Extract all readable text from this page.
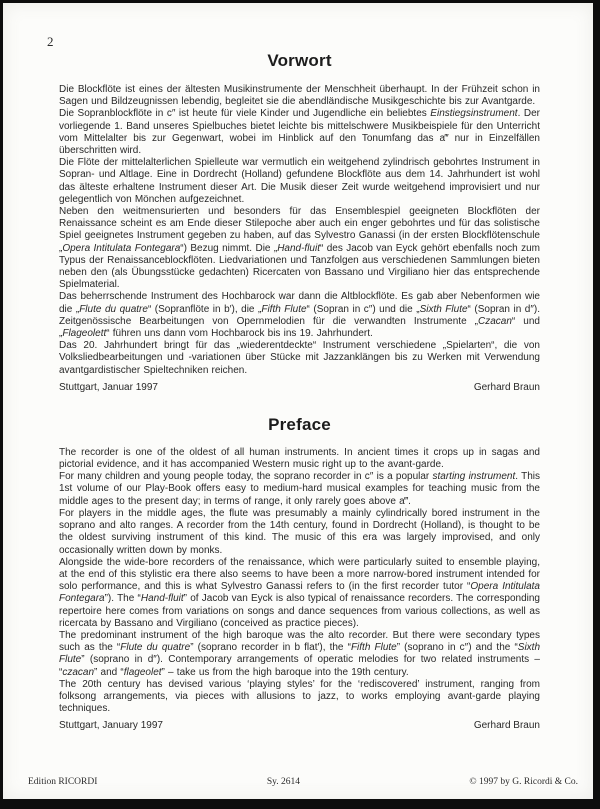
2
Vorwort

Die Blockflöte ist eines der ältesten Musikinstrumente der Menschheit überhaupt. In der Frühzeit schon in Sagen und Bildzeugnissen lebendig, begleitet sie die abendländische Musikgeschichte bis zur Avantgarde.

Die Sopranblockflöte in c″ ist heute für viele Kinder und Jugendliche ein beliebtes Einstiegsinstrument. Der vorliegende 1. Band unseres Spielbuches bietet leichte bis mittelschwere Musikbeispiele für den Unterricht vom Mittelalter bis zur Gegenwart, wobei im Hinblick auf den Tonumfang das a‴ nur in Einzelfällen überschritten wird.

Die Flöte der mittelalterlichen Spielleute war vermutlich ein weitgehend zylindrisch gebohrtes Instrument in Sopran- und Altlage. Eine in Dordrecht (Holland) gefundene Blockflöte aus dem 14. Jahrhundert ist wohl das älteste erhaltene Instrument dieser Art. Die Musik dieser Zeit wurde weitgehend improvisiert und nur gelegentlich von Mönchen aufgezeichnet.

Neben den weitmensurierten und besonders für das Ensemblespiel geeigneten Blockflöten der Renaissance scheint es am Ende dieser Stilepoche aber auch ein enger gebohrtes und für das solistische Spiel geeignetes Instrument gegeben zu haben, auf das Sylvestro Ganassi (in der ersten Blockflötenschule „Opera Intitulata Fontegara“) Bezug nimmt. Die „Hand-fluit“ des Jacob van Eyck gehört ebenfalls noch zum Typus der Renaissanceblockflöten. Liedvariationen und Tanzfolgen aus verschiedenen Sammlungen bieten neben den (als Übungsstücke gedachten) Ricercaten von Bassano und Virgiliano hier das entsprechende Spielmaterial.

Das beherrschende Instrument des Hochbarock war dann die Altblockflöte. Es gab aber Nebenformen wie die „Flute du quatre“ (Sopranflöte in b′), die „Fifth Flute“ (Sopran in c″) und die „Sixth Flute“ (Sopran in d″). Zeitgenössische Bearbeitungen von Opernmelodien für die verwandten Instrumente „Czacan“ und „Flageolett“ führen uns dann vom Hochbarock bis ins 19. Jahrhundert.

Das 20. Jahrhundert bringt für das „wiederentdeckte“ Instrument verschiedene „Spielarten“, die von Volksliedbearbeitungen und -variationen über Stücke mit Jazzanklängen bis zu Werken mit Verwendung avantgardistischer Spieltechniken reichen.

Stuttgart, Januar 1997	Gerhard Braun
Preface

The recorder is one of the oldest of all human instruments. In ancient times it crops up in sagas and pictorial evidence, and it has accompanied Western music right up to the avant-garde.

For many children and young people today, the soprano recorder in c″ is a popular starting instrument. This 1st volume of our Play-Book offers easy to medium-hard musical examples for teaching music from the middle ages to the present day; in terms of range, it only rarely goes above a‴.

For players in the middle ages, the flute was presumably a mainly cylindrically bored instrument in the soprano and alto ranges. A recorder from the 14th century, found in Dordrecht (Holland), is thought to be the oldest surviving instrument of this kind. The music of this era was largely improvised, and only occasionally written down by monks.

Alongside the wide-bore recorders of the renaissance, which were particularly suited to ensemble playing, at the end of this stylistic era there also seems to have been a more narrow-bored instrument intended for solo performance, and this is what Sylvestro Ganassi refers to (in the first recorder tutor “Opera Intitulata Fontegara”). The “Hand-fluit” of Jacob van Eyck is also typical of renaissance recorders. The corresponding repertoire here comes from variations on songs and dance sequences from various collections, as well as ricercata by Bassano and Virgiliano (conceived as practice pieces).

The predominant instrument of the high baroque was the alto recorder. But there were secondary types such as the “Flute du quatre” (soprano recorder in b flat′), the “Fifth Flute” (soprano in c″) and the “Sixth Flute” (soprano in d″). Contemporary arrangements of operatic melodies for two related instruments – “czacan” and “flageolet” – take us from the high baroque into the 19th century.

The 20th century has devised various ‘playing styles’ for the ‘rediscovered’ instrument, ranging from folksong arrangements, via pieces with allusions to jazz, to works employing avant-garde playing techniques.

Stuttgart, January 1997	Gerhard Braun
Edition RICORDI	Sy. 2614	© 1997 by G. Ricordi & Co.
